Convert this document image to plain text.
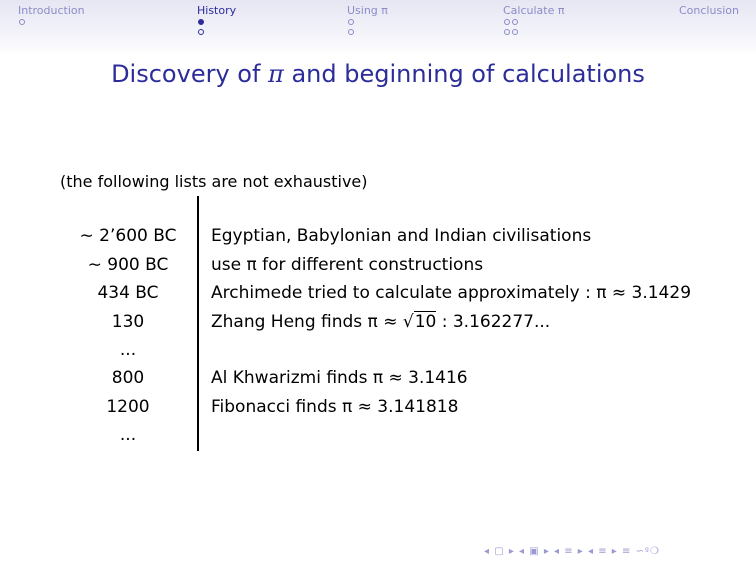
Introduction	History	Using π	Calculate π	Conclusion
Discovery of π and beginning of calculations
(the following lists are not exhaustive)
∼ 2’600 BC	Egyptian, Babylonian and Indian civilisations
∼ 900 BC	use π for different constructions
434 BC	Archimede tried to calculate approximately : π ≈ 3.1429
130	Zhang Heng finds π ≈ √10 : 3.162277...
...
800	Al Khwarizmi finds π ≈ 3.1416
1200	Fibonacci finds π ≈ 3.141818
...
◂ ▢ ▸ ◂ ▣ ▸ ◂ ≡ ▸ ◂ ≡ ▸ ≡ ∽ᵍ❍
